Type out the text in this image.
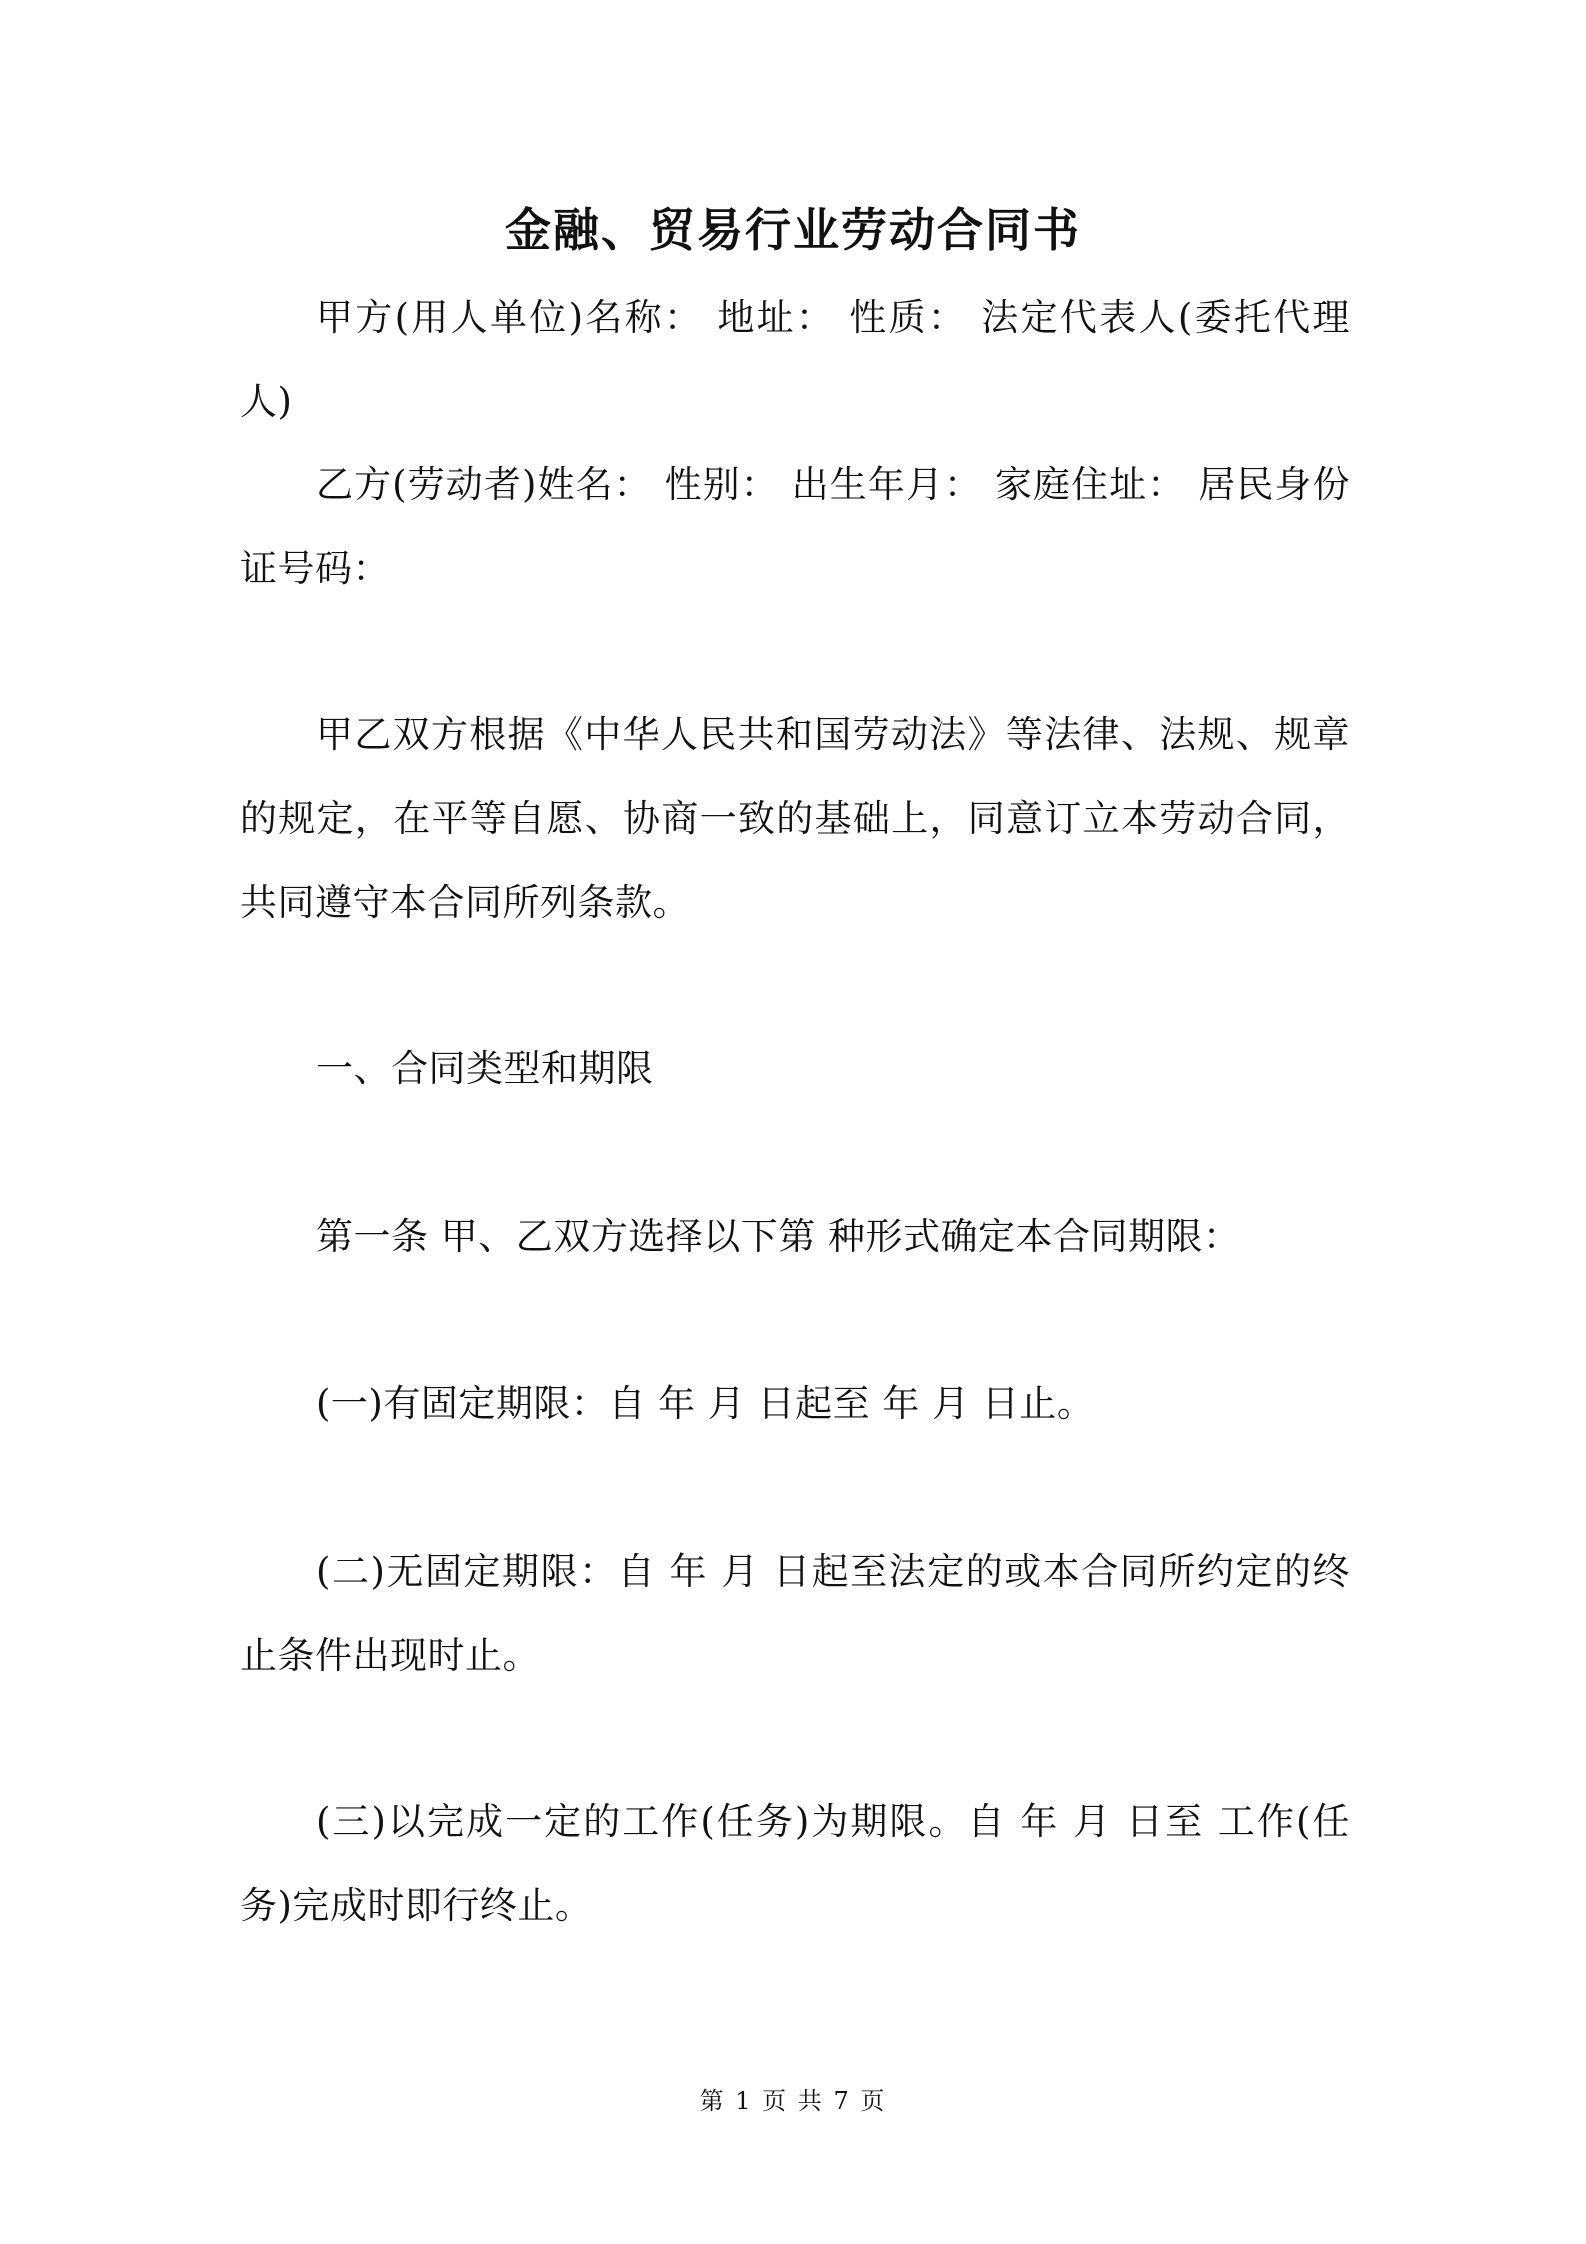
金融、贸易行业劳动合同书
甲方(用人单位)名称： 地址： 性质： 法定代表人(委托代理人)
乙方(劳动者)姓名： 性别： 出生年月： 家庭住址： 居民身份证号码：
甲乙双方根据《中华人民共和国劳动法》等法律、法规、规章的规定，在平等自愿、协商一致的基础上，同意订立本劳动合同，共同遵守本合同所列条款。
一、合同类型和期限
第一条 甲、乙双方选择以下第 种形式确定本合同期限：
(一)有固定期限：自 年 月 日起至 年 月 日止。
(二)无固定期限：自 年 月 日起至法定的或本合同所约定的终止条件出现时止。
(三)以完成一定的工作(任务)为期限。自 年 月 日至 工作(任务)完成时即行终止。
第 1 页 共 7 页
